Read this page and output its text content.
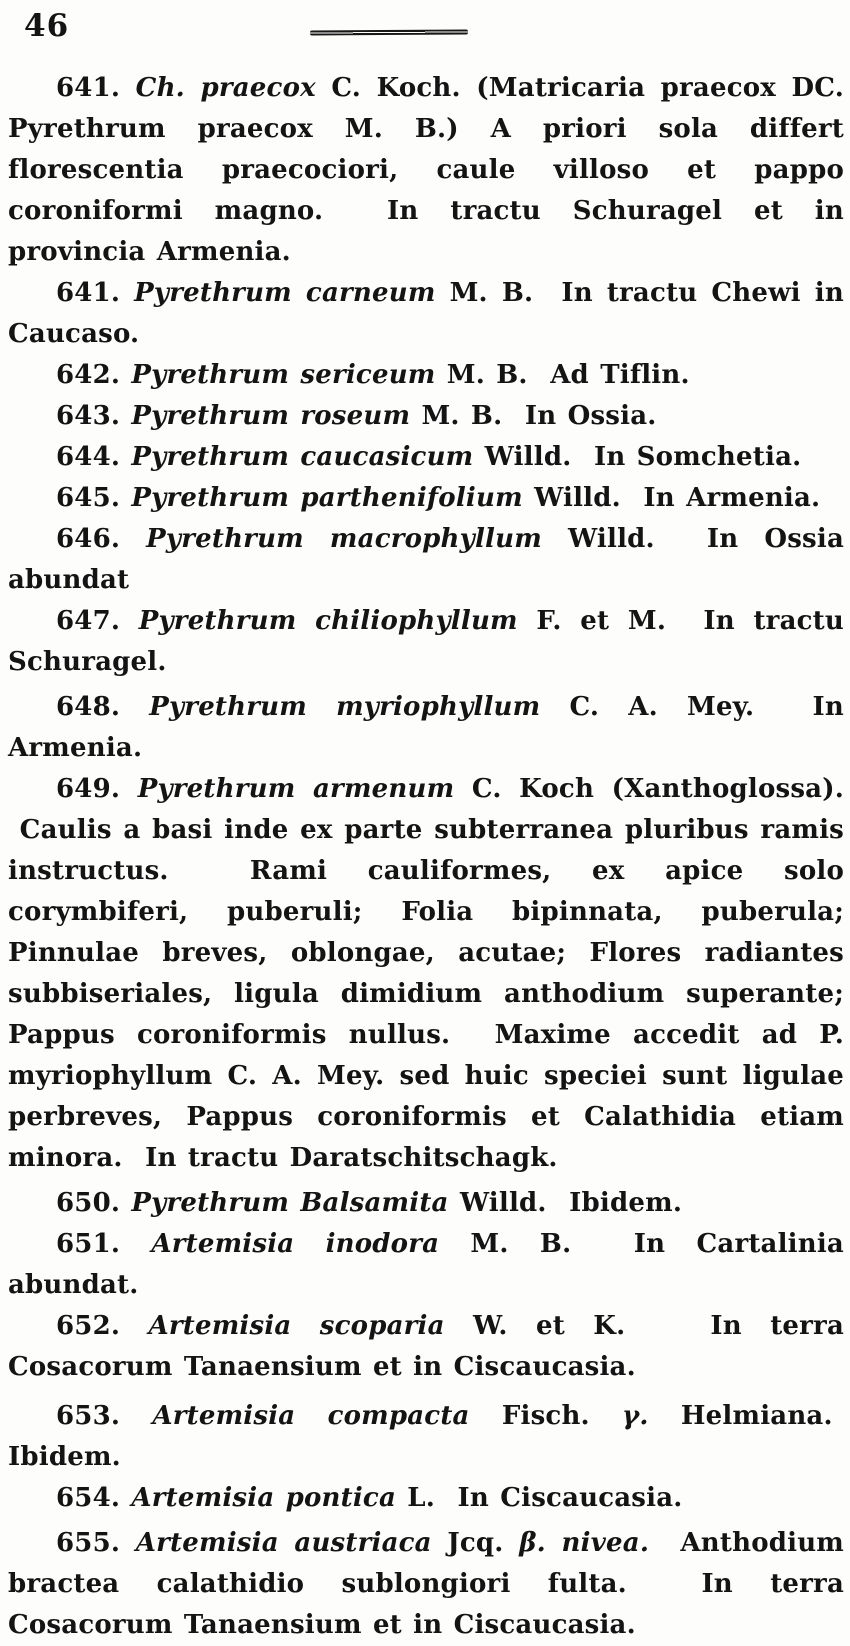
46

641. Ch. praecox C. Koch. (Matricaria praecox DC. Pyrethrum praecox M. B.) A priori sola differt florescentia praecociori, caule villoso et pappo coroniformi magno.  In tractu Schuragel et in provincia Armenia.

641. Pyrethrum carneum M. B.  In tractu Chewi in Caucaso.

642. Pyrethrum sericeum M. B.  Ad Tiflin.

643. Pyrethrum roseum M. B.  In Ossia.

644. Pyrethrum caucasicum Willd.  In Somchetia.

645. Pyrethrum parthenifolium Willd.  In Armenia.

646. Pyrethrum macrophyllum Willd.  In Ossia abundat

647. Pyrethrum chiliophyllum F. et M.  In tractu Schuragel.

648. Pyrethrum myriophyllum C. A. Mey.  In Armenia.

649. Pyrethrum armenum C. Koch (Xanthoglossa).  Caulis a basi inde ex parte subterranea pluribus ramis instructus.  Rami cauliformes, ex apice solo corymbiferi, puberuli; Folia bipinnata, puberula; Pinnulae breves, oblongae, acutae; Flores radiantes subbiseriales, ligula dimidium anthodium superante; Pappus coroniformis nullus.  Maxime accedit ad P. myriophyllum C. A. Mey. sed huic speciei sunt ligulae perbreves, Pappus coroniformis et Calathidia etiam minora.  In tractu Daratschitschagk.

650. Pyrethrum Balsamita Willd.  Ibidem.

651. Artemisia inodora M. B.  In Cartalinia abundat.

652. Artemisia scoparia W. et K.   In terra Cosacorum Tanaensium et in Ciscaucasia.

653. Artemisia compacta Fisch. γ. Helmiana.  Ibidem.

654. Artemisia pontica L.  In Ciscaucasia.

655. Artemisia austriaca Jcq. β. nivea.  Anthodium bractea calathidio sublongiori fulta.  In terra Cosacorum Tanaensium et in Ciscaucasia.
